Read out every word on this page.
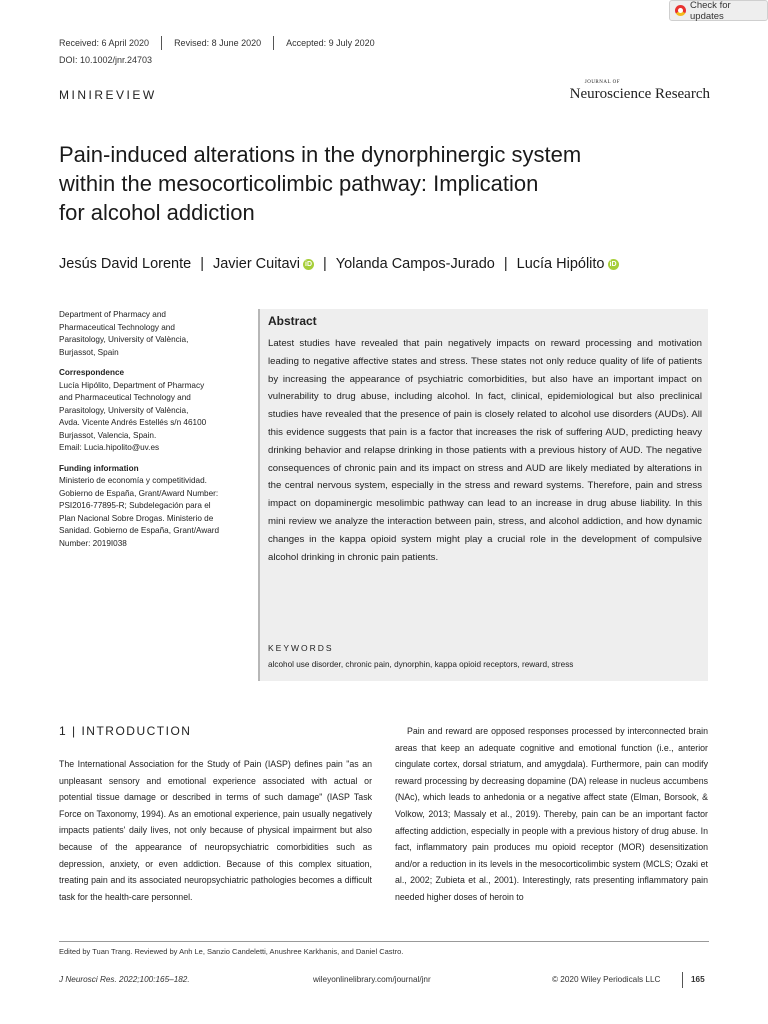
Check for updates
Received: 6 April 2020	Revised: 8 June 2020	Accepted: 9 July 2020
DOI: 10.1002/jnr.24703
MINIREVIEW
JOURNAL OF
Neuroscience Research
Pain-induced alterations in the dynorphinergic system
within the mesocorticolimbic pathway: Implication
for alcohol addiction
Jesús David Lorente | Javier Cuitavi iD | Yolanda Campos-Jurado | Lucía Hipólito iD

Department of Pharmacy and

Pharmaceutical Technology and

Parasitology, University of València,

Burjassot, Spain

Correspondence

Lucía Hipólito, Department of Pharmacy

and Pharmaceutical Technology and

Parasitology, University of València,

Avda. Vicente Andrés Estellés s/n 46100

Burjassot, Valencia, Spain.

Email: Lucia.hipolito@uv.es

Funding information

Ministerio de economía y competitividad.

Gobierno de España, Grant/Award Number:

PSI2016-77895-R; Subdelegación para el

Plan Nacional Sobre Drogas. Ministerio de

Sanidad. Gobierno de España, Grant/Award

Number: 2019I038

Abstract
Latest studies have revealed that pain negatively impacts on reward processing and motivation leading to negative affective states and stress. These states not only reduce quality of life of patients by increasing the appearance of psychiatric comorbidities, but also have an important impact on vulnerability to drug abuse, including alcohol. In fact, clinical, epidemiological but also preclinical studies have revealed that the presence of pain is closely related to alcohol use disorders (AUDs). All this evidence suggests that pain is a factor that increases the risk of suffering AUD, predicting heavy drinking behavior and relapse drinking in those patients with a previous history of AUD. The negative consequences of chronic pain and its impact on stress and AUD are likely mediated by alterations in the central nervous system, especially in the stress and reward systems. Therefore, pain and stress impact on dopaminergic mesolimbic pathway can lead to an increase in drug abuse liability. In this mini review we analyze the interaction between pain, stress, and alcohol addiction, and how dynamic changes in the kappa opioid system might play a crucial role in the development of compulsive alcohol drinking in chronic pain patients.
KEYWORDS
alcohol use disorder, chronic pain, dynorphin, kappa opioid receptors, reward, stress
1 | INTRODUCTION
The International Association for the Study of Pain (IASP) defines pain "as an unpleasant sensory and emotional experience associated with actual or potential tissue damage or described in terms of such damage" (IASP Task Force on Taxonomy, 1994). As an emotional experience, pain usually negatively impacts patients' daily lives, not only because of physical impairment but also because of the appearance of neuropsychiatric comorbidities such as depression, anxiety, or even addiction. Because of this complex situation, treating pain and its associated neuropsychiatric pathologies becomes a difficult task for the health-care personnel.
Pain and reward are opposed responses processed by interconnected brain areas that keep an adequate cognitive and emotional function (i.e., anterior cingulate cortex, dorsal striatum, and amygdala). Furthermore, pain can modify reward processing by decreasing dopamine (DA) release in nucleus accumbens (NAc), which leads to anhedonia or a negative affect state (Elman, Borsook, & Volkow, 2013; Massaly et al., 2019). Thereby, pain can be an important factor affecting addiction, especially in people with a previous history of drug abuse. In fact, inflammatory pain produces mu opioid receptor (MOR) desensitization and/or a reduction in its levels in the mesocorticolimbic system (MCLS; Ozaki et al., 2002; Zubieta et al., 2001). Interestingly, rats presenting inflammatory pain needed higher doses of heroin to
Edited by Tuan Trang. Reviewed by Anh Le, Sanzio Candeletti, Anushree Karkhanis, and Daniel Castro.
J Neurosci Res. 2022;100:165–182.	wileyonlinelibrary.com/journal/jnr	© 2020 Wiley Periodicals LLC	165
